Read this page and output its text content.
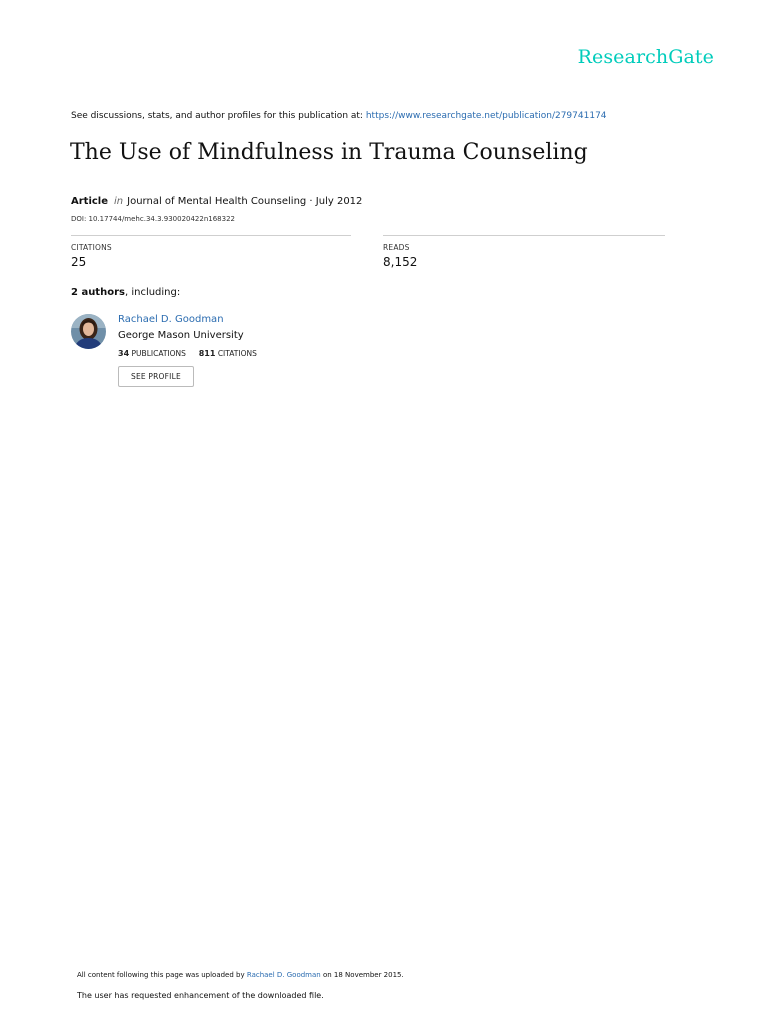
ResearchGate
See discussions, stats, and author profiles for this publication at: https://www.researchgate.net/publication/279741174
The Use of Mindfulness in Trauma Counseling
Article in Journal of Mental Health Counseling · July 2012
DOI: 10.17744/mehc.34.3.930020422n168322
CITATIONS
25
READS
8,152
2 authors, including:
Rachael D. Goodman
George Mason University
34 PUBLICATIONS 811 CITATIONS
SEE PROFILE
All content following this page was uploaded by Rachael D. Goodman on 18 November 2015.
The user has requested enhancement of the downloaded file.
